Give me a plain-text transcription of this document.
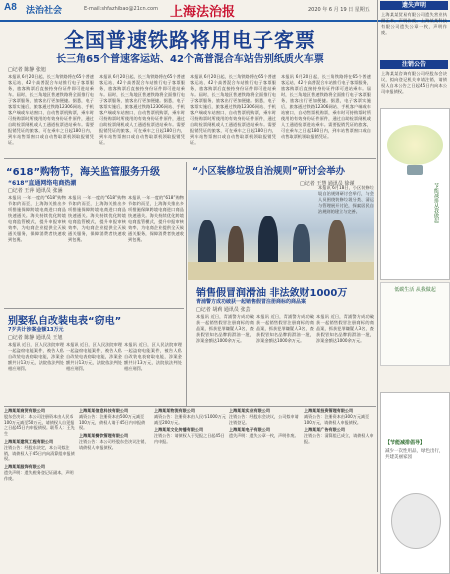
A8 法治社会	E-mail:shfazhibao@21cn.com 上海法治报	2020 年 6 月 19 日 星期五
全国普速铁路将用电子客票
长三角65个普速客运站、42个高普混合车站告别纸质火车票
□记者 陈静 张旭
本报讯 6月20日起，长三角铁路将在65个普速客运站、42个高普混合车站推行电子客票服务，旅客购票后直接持身份证件即可进站乘车。届时，长三角地区普速铁路将全面推行电子客票服务，旅客出行更加便捷。据悉，电子客票实施后，旅客通过铁路12306网站、手机客户端或车站窗口、自动售票机购票，乘车时可持购票时所使用的有效身份证件原件，通过自助检票闸机或人工通道检票进站乘车。需要报销凭证的旅客，可在乘车之日起180日内，到车站售票窗口或自动售取票机领取报销凭证。
本报讯 6月20日起，长三角铁路将在65个普速客运站、42个高普混合车站推行电子客票服务，旅客购票后直接持身份证件即可进站乘车。届时，长三角地区普速铁路将全面推行电子客票服务，旅客出行更加便捷。据悉，电子客票实施后，旅客通过铁路12306网站、手机客户端或车站窗口、自动售票机购票，乘车时可持购票时所使用的有效身份证件原件，通过自助检票闸机或人工通道检票进站乘车。需要报销凭证的旅客，可在乘车之日起180日内，到车站售票窗口或自动售取票机领取报销凭证。
本报讯 6月20日起，长三角铁路将在65个普速客运站、42个高普混合车站推行电子客票服务，旅客购票后直接持身份证件即可进站乘车。届时，长三角地区普速铁路将全面推行电子客票服务，旅客出行更加便捷。据悉，电子客票实施后，旅客通过铁路12306网站、手机客户端或车站窗口、自动售票机购票，乘车时可持购票时所使用的有效身份证件原件，通过自助检票闸机或人工通道检票进站乘车。需要报销凭证的旅客，可在乘车之日起180日内，到车站售票窗口或自动售取票机领取报销凭证。
本报讯 6月20日起，长三角铁路将在65个普速客运站、42个高普混合车站推行电子客票服务，旅客购票后直接持身份证件即可进站乘车。届时，长三角地区普速铁路将全面推行电子客票服务，旅客出行更加便捷。据悉，电子客票实施后，旅客通过铁路12306网站、手机客户端或车站窗口、自动售票机购票，乘车时可持购票时所使用的有效身份证件原件，通过自助检票闸机或人工通道检票进站乘车。需要报销凭证的旅客，可在乘车之日起180日内，到车站售票窗口或自动售取票机领取报销凭证。
“618”购物节，海关监管服务升级
“618”直通网络电商热潮
□记者 王萍 通讯员 张涵
本报讯 一年一度的“618”购物节如约而至，上海海关推出多项措施保障跨境电商进口商品快速通关。海关持续优化跨境电商监管模式，提升申报审核效率，为电商企业提供全天候通关服务，保障消费者快速收到包裹。
本报讯 一年一度的“618”购物节如约而至，上海海关推出多项措施保障跨境电商进口商品快速通关。海关持续优化跨境电商监管模式，提升申报审核效率，为电商企业提供全天候通关服务，保障消费者快速收到包裹。
本报讯 一年一度的“618”购物节如约而至，上海海关推出多项措施保障跨境电商进口商品快速通关。海关持续优化跨境电商监管模式，提升申报审核效率，为电商企业提供全天候通关服务，保障消费者快速收到包裹。
“小区装修垃圾自治规则”研讨会举办
□记者 王慧 通讯员 徐谨
本报讯 6月18日，小区装修垃圾自治规则研讨会举行，与会人员围绕装修垃圾分类、清运与管理展开讨论，探索居民自治规则的建立与完善。
销售假冒润滑油 非法敛财1000万
青浦警方成功破获一起销售假冒注册商标的商品案
□记者 胡莉 通讯员 张芸
本报讯 近日，青浦警方成功破获一起销售假冒注册商标的商品案，抓获犯罪嫌疑人3名，查获假冒知名品牌润滑油一批，涉案金额达1000余万元。
本报讯 近日，青浦警方成功破获一起销售假冒注册商标的商品案，抓获犯罪嫌疑人3名，查获假冒知名品牌润滑油一批，涉案金额达1000余万元。
本报讯 近日，青浦警方成功破获一起销售假冒注册商标的商品案，抓获犯罪嫌疑人3名，查获假冒知名品牌润滑油一批，涉案金额达1000余万元。
别娶私自改装电表“窃电”
7歹共计涉案金额13万元
□记者 陈静 通讯员 王旭
本报讯 近日，区人民法院审理一起盗窃电能案件，被告人私自改装电表窃取电能，涉案金额共计13万元，法院依法判处相应刑罚。
本报讯 近日，区人民法院审理一起盗窃电能案件，被告人私自改装电表窃取电能，涉案金额共计13万元，法院依法判处相应刑罚。
本报讯 近日，区人民法院审理一起盗窃电能案件，被告人私自改装电表窃取电能，涉案金额共计13万元，法院依法判处相应刑罚。
上海某某商贸有限公司
股东会决议：本公司注册资本由人民币100万元减至50万元，请债权人自见报之日起45日内申报债权。联系人：王先生
上海某某建筑工程有限公司
注销公告：经股东决定，本公司拟注销，请债权人于45日内向清算组申报债权。
上海某某服饰有限公司
遗失声明：遗失税务登记证副本，声明作废。
上海某某信息科技有限公司
减资公告：注册资本由500万元减至100万元，债权人请于45日内申报债权。
上海某某餐饮管理有限公司
注销公告：本公司经股东会决议注销，请债权人申报债权。
上海某某物流有限公司
减资公告：注册资本由人民币1000万元减至200万元。
上海某某文化传播有限公司
注销公告：请债权人于见报之日起45日内申报。
上海某某实业有限公司
注销公告：经股东会决议，公司拟申请注销登记。
上海某某电子有限公司
遗失声明：遗失公章一枚，声明作废。
上海某某投资管理有限公司
减资公告：注册资本由300万元减至100万元，请债权人申报债权。
上海某某广告有限公司
注销公告：清算组已成立，请债权人申报。
遗失声明
上海某某贸易有限公司遗失营业执照正本，声明作废。上海某某科技有限公司遗失公章一枚，声明作废。
注销公告
上海某某咨询有限公司经股东会决议，拟向登记机关申请注销，请债权人自本公告之日起45日内向本公司申报债权。
节能减排从我做起
低碳生活 从我做起
【节能减排倡导】
减少一次性用品，绿色出行，共建美丽家园
